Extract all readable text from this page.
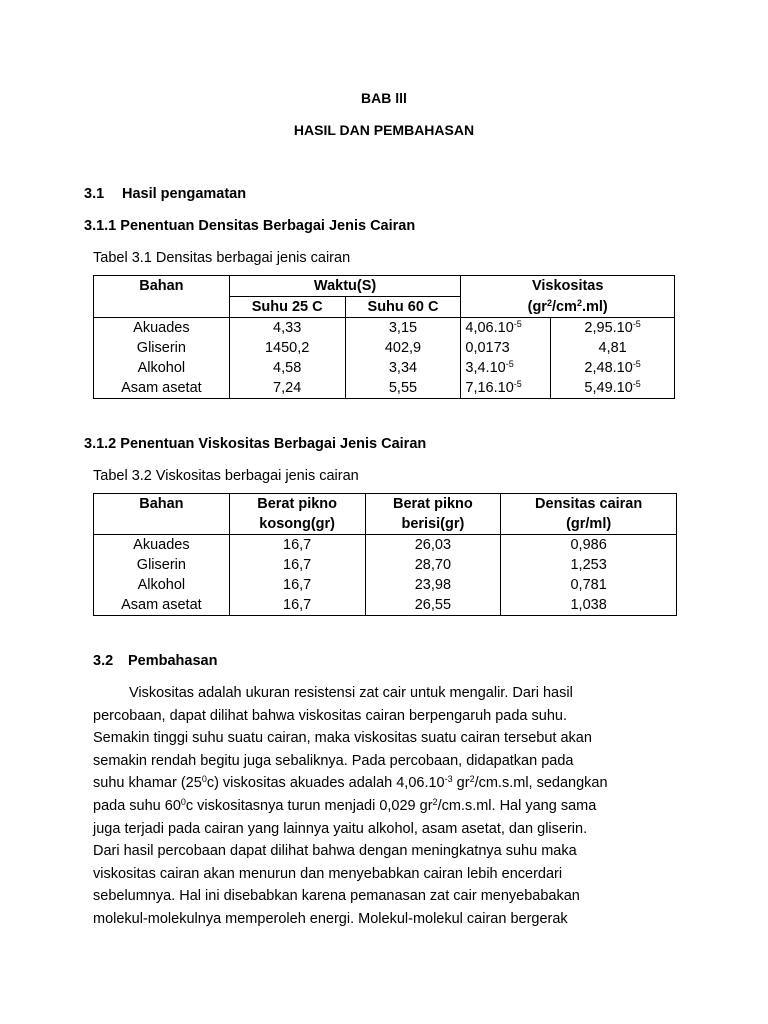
BAB lll
HASIL DAN PEMBAHASAN
3.1 Hasil pengamatan
3.1.1 Penentuan Densitas Berbagai Jenis Cairan
Tabel 3.1 Densitas berbagai jenis cairan
Bahan	Waktu(S)		Viskositas	
	Suhu 25 C	Suhu 60 C	$(gr^2/cm^2.ml)$	
Akuades	4,33	3,15	$4,06.10^{-5}$	$2,95.10^{-5}$
Gliserin	1450,2	402,9	0,0173	4,81
Alkohol	4,58	3,34	$3,4.10^{-5}$	$2,48.10^{-5}$
Asam asetat	7,24	5,55	$7,16.10^{-5}$	$5,49.10^{-5}$
3.1.2 Penentuan Viskositas Berbagai Jenis Cairan
Tabel 3.2 Viskositas berbagai jenis cairan
Bahan	Berat pikno	Berat pikno	Densitas cairan
	kosong(gr)	berisi(gr)	(gr/ml)
Akuades	16,7	26,03	0,986
Gliserin	16,7	28,70	1,253
Alkohol	16,7	23,98	0,781
Asam asetat	16,7	26,55	1,038
3.2 Pembahasan

Viskositas adalah ukuran resistensi zat cair untuk mengalir. Dari hasil

percobaan, dapat dilihat bahwa viskositas cairan berpengaruh pada suhu.

Semakin tinggi suhu suatu cairan, maka viskositas suatu cairan tersebut akan

semakin rendah begitu juga sebaliknya. Pada percobaan, didapatkan pada

suhu khamar $(25^0c)$ viskositas akuades adalah $4,06.10^{-3}$ $gr^2/cm.s.ml$, sedangkan

pada suhu $60^0c$ viskositasnya turun menjadi 0,029 $gr^2/cm.s.ml$. Hal yang sama

juga terjadi pada cairan yang lainnya yaitu alkohol, asam asetat, dan gliserin.

Dari hasil percobaan dapat dilihat bahwa dengan meningkatnya suhu maka

viskositas cairan akan menurun dan menyebabkan cairan lebih encerdari

sebelumnya. Hal ini disebabkan karena pemanasan zat cair menyebabakan

molekul-molekulnya memperoleh energi. Molekul-molekul cairan bergerak
